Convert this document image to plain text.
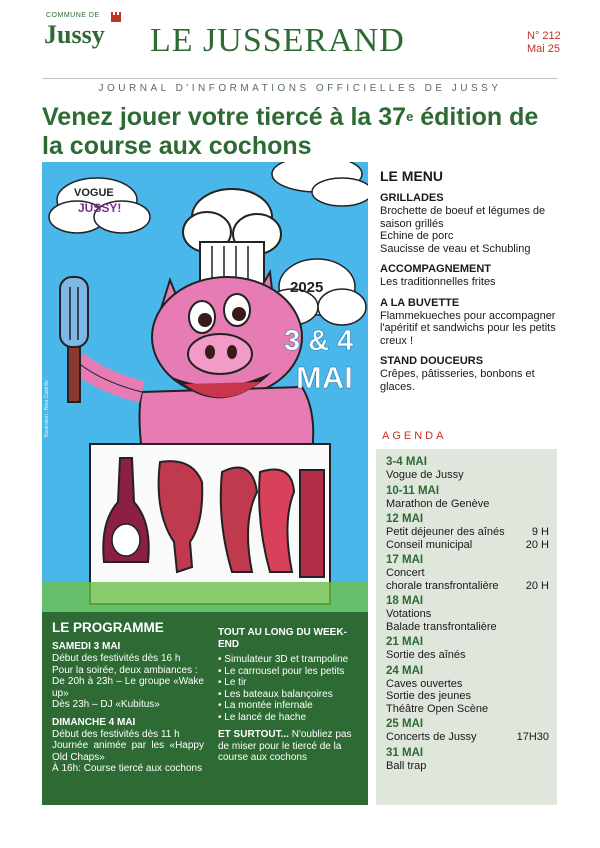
COMMUNE DE
Jussy LE JUSSERAND	N° 212
Mai 25
JOURNAL D'INFORMATIONS OFFICIELLES DE JUSSY
Venez jouer votre tiercé à la 37e édition de la course aux cochons
VOGUE
JUSSY!
2025
3 & 4
MAI
Illustration : Nina Castrillo
LE MENU
GRILLADES
Brochette de boeuf et légumes de saison grillés
Echine de porc
Saucisse de veau et Schubling
ACCOMPAGNEMENT
Les traditionnelles frites
A LA BUVETTE
Flammekueches pour accompagner l'apéritif et sandwichs pour les petits creux !
STAND DOUCEURS
Crêpes, pâtisseries, bonbons et glaces.
AGENDA
3-4 MAI
Vogue de Jussy
10-11 MAI
Marathon de Genève
12 MAI
Petit déjeuner des aînés 9 H
Conseil municipal	20 H
17 MAI
Concert
chorale transfrontalière 20 H
18 MAI
Votations
Balade transfrontalière
21 MAI
Sortie des aînés
24 MAI
Caves ouvertes
Sortie des jeunes
Théâtre Open Scène
25 MAI
Concerts de Jussy	17H30
31 MAI
Ball trap
LE PROGRAMME
SAMEDI 3 MAI
Début des festivités dès 16 h
Pour la soirée, deux ambiances :
De 20h à 23h – Le groupe «Wake up»
Dès 23h – DJ «Kubitus»
DIMANCHE 4 MAI
Début des festivités dès 11 h
Journée animée par les «Happy Old Chaps»
À 16h: Course tiercé aux cochons
TOUT AU LONG DU WEEK-END
• Simulateur 3D et trampoline
• Le carrousel pour les petits
• Le tir
• Les bateaux balançoires
• La montée infernale
• Le lancé de hache
ET SURTOUT... N'oubliez pas de miser pour le tiercé de la course aux cochons
